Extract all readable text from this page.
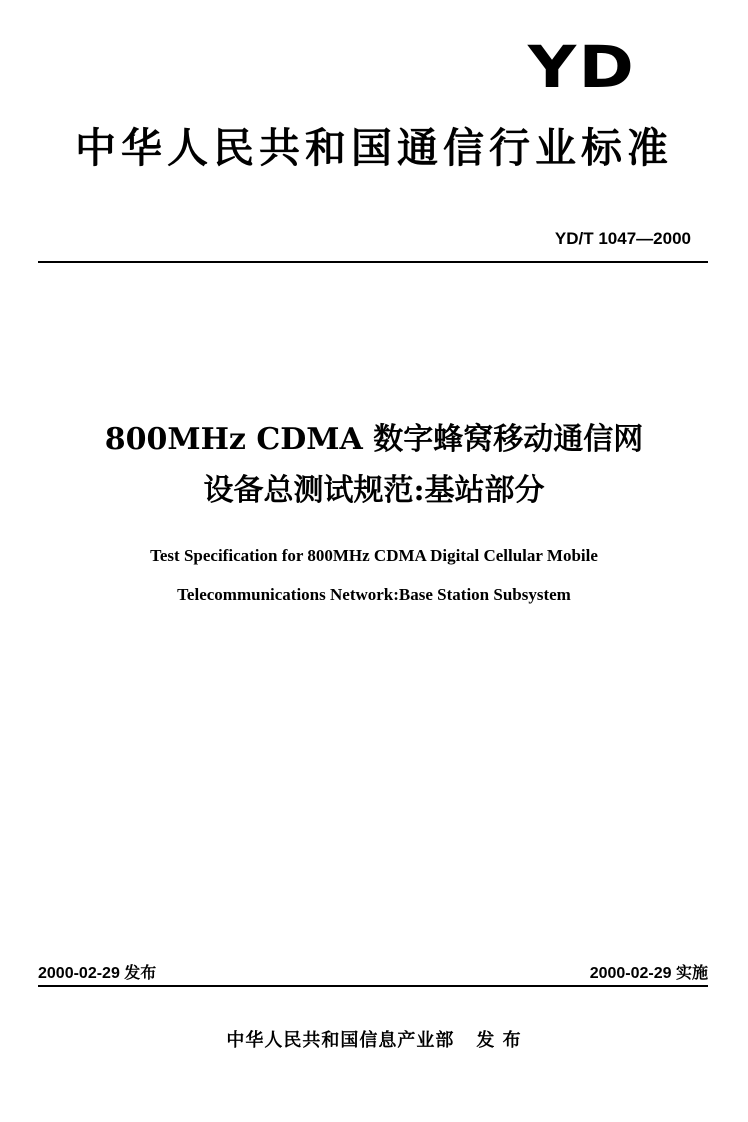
YD
中华人民共和国通信行业标准
YD/T 1047—2000
800MHz CDMA 数字蜂窝移动通信网
设备总测试规范:基站部分
Test Specification for 800MHz CDMA Digital Cellular Mobile
Telecommunications Network:Base Station Subsystem
2000-02-29 发布	2000-02-29 实施
中华人民共和国信息产业部 发 布
